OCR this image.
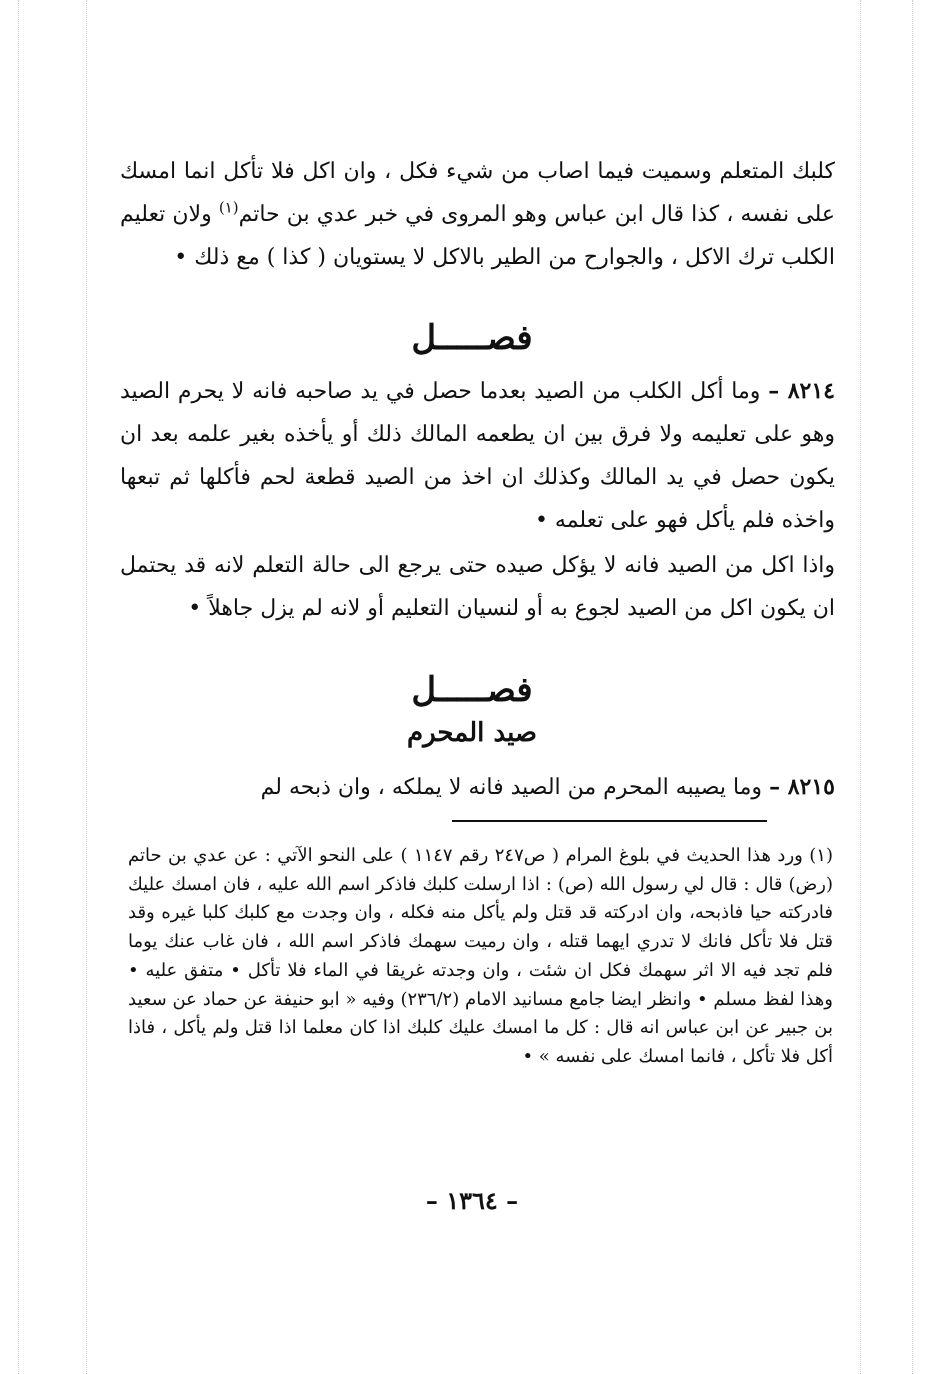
كلبك المتعلم وسميت فيما اصاب من شيء فكل ، وان اكل فلا تأكل انما امسك على نفسه ، كذا قال ابن عباس وهو المروى في خبر عدي بن حاتم$^{(١)}$ ولان تعليم الكلب ترك الاكل ، والجوارح من الطير بالاكل لا يستويان ( كذا ) مع ذلك •
فصـــــل
٨٢١٤ – وما أكل الكلب من الصيد بعدما حصل في يد صاحبه فانه لا يحرم الصيد وهو على تعليمه ولا فرق بين ان يطعمه المالك ذلك أو يأخذه بغير علمه بعد ان يكون حصل في يد المالك وكذلك ان اخذ من الصيد قطعة لحم فأكلها ثم تبعها واخذه فلم يأكل فهو على تعلمه •
واذا اكل من الصيد فانه لا يؤكل صيده حتى يرجع الى حالة التعلم لانه قد يحتمل ان يكون اكل من الصيد لجوع به أو لنسيان التعليم أو لانه لم يزل جاهلاً •
فصـــــل
صيد المحرم
٨٢١٥ – وما يصيبه المحرم من الصيد فانه لا يملكه ، وان ذبحه لم
(١) ورد هذا الحديث في بلوغ المرام ( ص٢٤٧ رقم ١١٤٧ ) على النحو الآتي : عن عدي بن حاتم (رض) قال : قال لي رسول الله (ص) : اذا ارسلت كلبك فاذكر اسم الله عليه ، فان امسك عليك فادركته حيا فاذبحه، وان ادركته قد قتل ولم يأكل منه فكله ، وان وجدت مع كلبك كلبا غيره وقد قتل فلا تأكل فانك لا تدري ايهما قتله ، وان رميت سهمك فاذكر اسم الله ، فان غاب عنك يوما فلم تجد فيه الا اثر سهمك فكل ان شئت ، وان وجدته غريقا في الماء فلا تأكل • متفق عليه • وهذا لفظ مسلم • وانظر ايضا جامع مسانيد الامام (٢٣٦/٢) وفيه « ابو حنيفة عن حماد عن سعيد بن جبير عن ابن عباس انه قال : كل ما امسك عليك كلبك اذا كان معلما اذا قتل ولم يأكل ، فاذا أكل فلا تأكل ، فانما امسك على نفسه » •
– ١٣٦٤ –
